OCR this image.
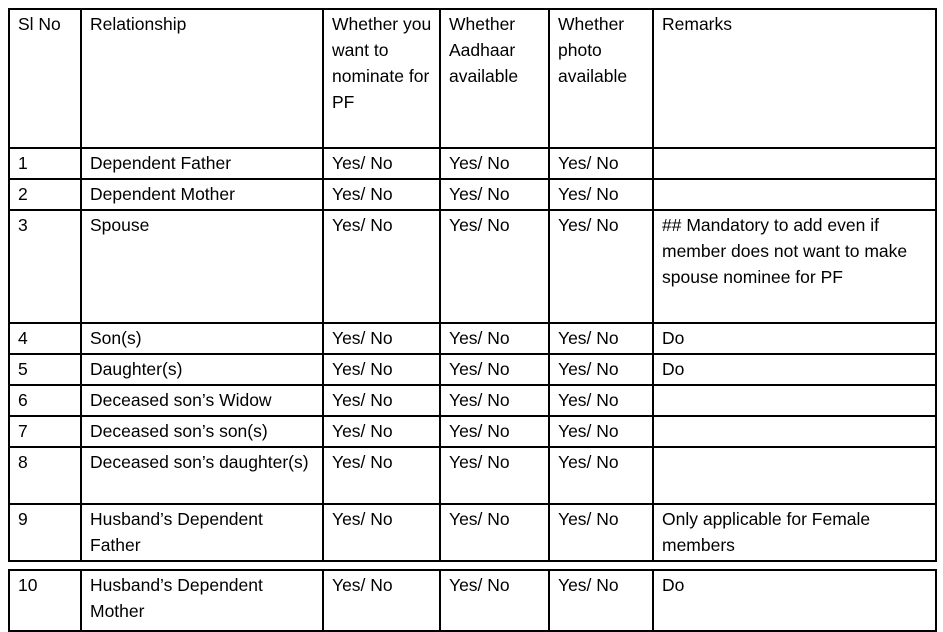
Sl No	Relationship	Whether you want to nominate for PF	Whether Aadhaar available	Whether photo available	Remarks
1	Dependent Father	Yes/ No	Yes/ No	Yes/ No	
2	Dependent Mother	Yes/ No	Yes/ No	Yes/ No	
3	Spouse	Yes/ No	Yes/ No	Yes/ No	## Mandatory to add even if member does not want to make spouse nominee for PF
4	Son(s)	Yes/ No	Yes/ No	Yes/ No	Do
5	Daughter(s)	Yes/ No	Yes/ No	Yes/ No	Do
6	Deceased son’s Widow	Yes/ No	Yes/ No	Yes/ No	
7	Deceased son’s son(s)	Yes/ No	Yes/ No	Yes/ No	
8	Deceased son’s daughter(s)	Yes/ No	Yes/ No	Yes/ No	
9	Husband’s Dependent Father	Yes/ No	Yes/ No	Yes/ No	Only applicable for Female members
10	Husband’s Dependent Mother	Yes/ No	Yes/ No	Yes/ No	Do
